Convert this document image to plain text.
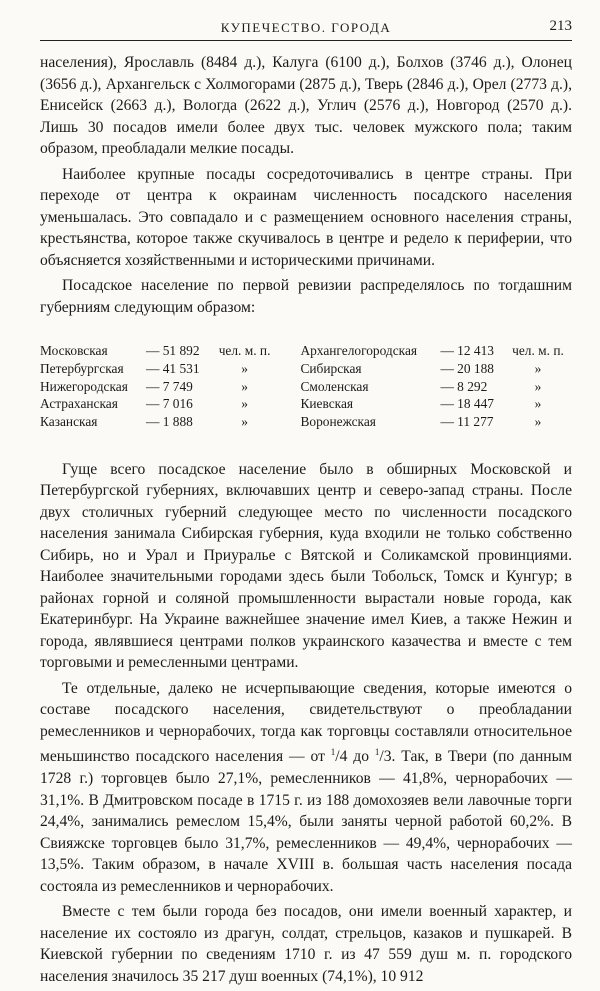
КУПЕЧЕСТВО. ГОРОДА	213

населения), Ярославль (8484 д.), Калуга (6100 д.), Болхов (3746 д.), Олонец (3656 д.), Архангельск с Холмогорами (2875 д.), Тверь (2846 д.), Орел (2773 д.), Енисейск (2663 д.), Вологда (2622 д.), Углич (2576 д.), Новгород (2570 д.). Лишь 30 посадов имели более двух тыс. человек мужского пола; таким образом, преобладали мелкие посады.

Наиболее крупные посады сосредоточивались в центре страны. При переходе от центра к окраинам численность посадского населения уменьшалась. Это совпадало и с размещением основного населения страны, крестьянства, которое также скучивалось в центре и редело к периферии, что объясняется хозяйственными и историческими причинами.

Посадское население по первой ревизии распределялось по тогдашним губерниям следующим образом:

Московская	— 51 892	чел. м. п.
Петербургская	— 41 531	»
Нижегородская	— 7 749	»
Астраханская	— 7 016	»
Казанская	— 1 888	»
Архангелогородская	— 12 413	чел. м. п.
Сибирская	— 20 188	»
Смоленская	— 8 292	»
Киевская	— 18 447	»
Воронежская	— 11 277	»

Гуще всего посадское население было в обширных Московской и Петербургской губерниях, включавших центр и северо-запад страны. После двух столичных губерний следующее место по численности посадского населения занимала Сибирская губерния, куда входили не только собственно Сибирь, но и Урал и Приуралье с Вятской и Соликамской провинциями. Наиболее значительными городами здесь были Тобольск, Томск и Кунгур; в районах горной и соляной промышленности вырастали новые города, как Екатеринбург. На Украине важнейшее значение имел Киев, а также Нежин и города, являвшиеся центрами полков украинского казачества и вместе с тем торговыми и ремесленными центрами.

Те отдельные, далеко не исчерпывающие сведения, которые имеются о составе посадского населения, свидетельствуют о преобладании ремесленников и чернорабочих, тогда как торговцы составляли относительное меньшинство посадского населения — от $^1$/4 до $^1$/3. Так, в Твери (по данным 1728 г.) торговцев было 27,1%, ремесленников — 41,8%, чернорабочих — 31,1%. В Дмитровском посаде в 1715 г. из 188 домохозяев вели лавочные торги 24,4%, занимались ремеслом 15,4%, были заняты черной работой 60,2%. В Свияжске торговцев было 31,7%, ремесленников — 49,4%, чернорабочих — 13,5%. Таким образом, в начале XVIII в. большая часть населения посада состояла из ремесленников и чернорабочих.

Вместе с тем были города без посадов, они имели военный характер, и население их состояло из драгун, солдат, стрельцов, казаков и пушкарей. В Киевской губернии по сведениям 1710 г. из 47 559 душ м. п. городского населения значилось 35 217 душ военных (74,1%), 10 912
